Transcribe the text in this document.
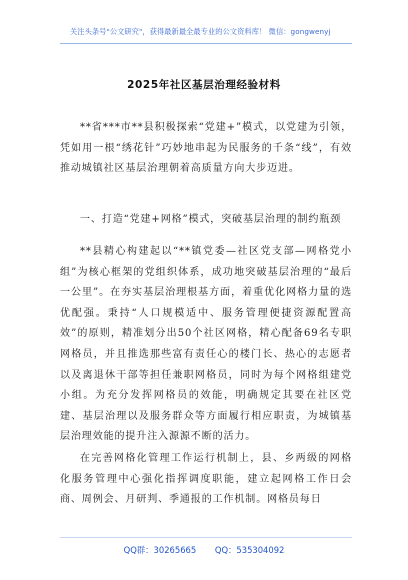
关注头条号"公文研究"，获得最新最全最专业的公文资料库！ 微信：gongwenyj
2025年社区基层治理经验材料

**省***市**县积极探索“党建+”模式，以党建为引领，凭如用一根“绣花针”巧妙地串起为民服务的千条“线”，有效推动城镇社区基层治理朝着高质量方向大步迈进。

一、打造“党建+网格”模式，突破基层治理的制约瓶颈

**县精心构建起以“**镇党委—社区党支部—网格党小组”为核心框架的党组织体系，成功地突破基层治理的“最后一公里”。在夯实基层治理根基方面，着重优化网格力量的选优配强。秉持“人口规模适中、服务管理便捷资源配置高效”的原则，精准划分出50个社区网格，精心配备69名专职网格员，并且推选那些富有责任心的楼门长、热心的志愿者以及离退休干部等担任兼职网格员，同时为每个网格组建党小组。为充分发挥网格员的效能，明确规定其要在社区党建、基层治理以及服务群众等方面履行相应职责，为城镇基层治理效能的提升注入源源不断的活力。

在完善网格化管理工作运行机制上，县、乡两级的网格化服务管理中心强化指挥调度职能，建立起网格工作日会商、周例会、月研判、季通报的工作机制。网格员每日

QQ群：30265665 QQ：535304092
